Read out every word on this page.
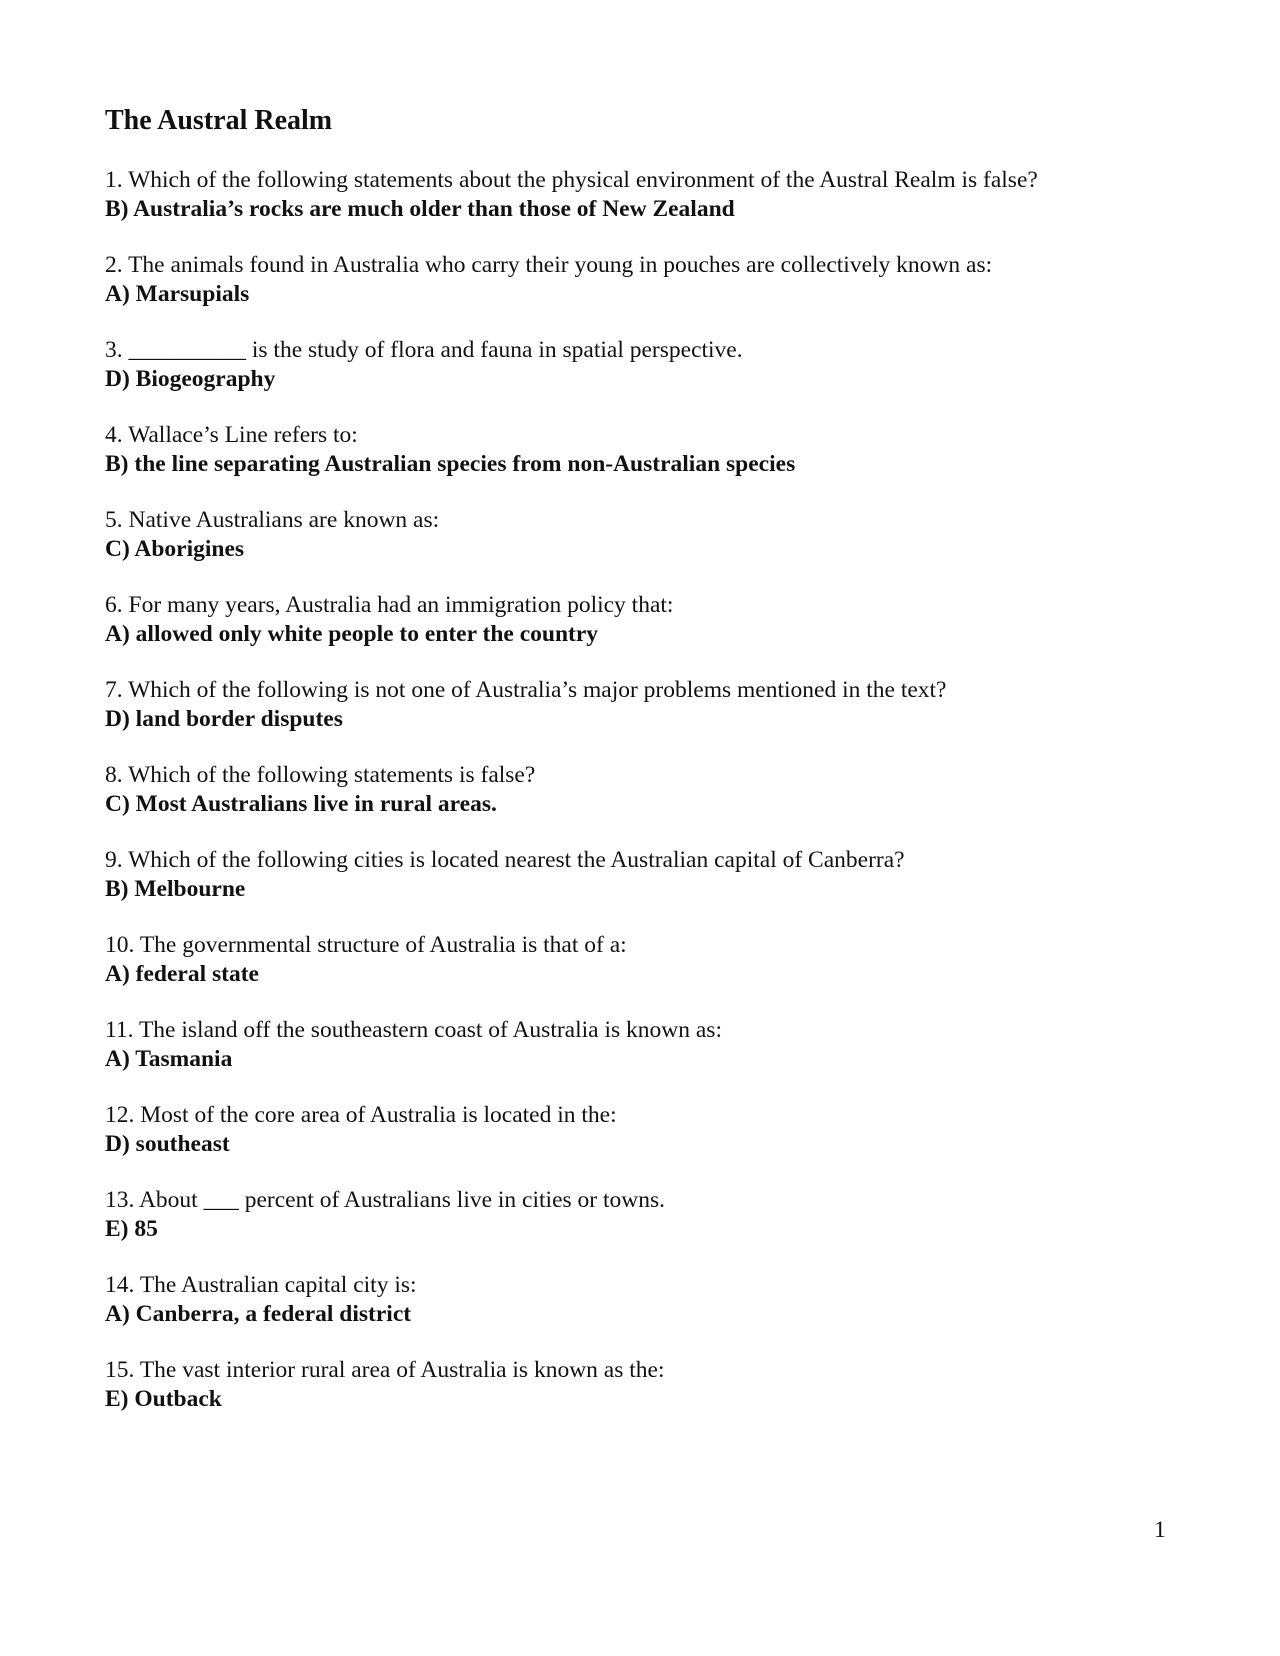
The Austral Realm
1. Which of the following statements about the physical environment of the Austral Realm is false?
B) Australia’s rocks are much older than those of New Zealand
2. The animals found in Australia who carry their young in pouches are collectively known as:
A) Marsupials
3. __________ is the study of flora and fauna in spatial perspective.
D) Biogeography
4. Wallace’s Line refers to:
B) the line separating Australian species from non-Australian species
5. Native Australians are known as:
C) Aborigines
6. For many years, Australia had an immigration policy that:
A) allowed only white people to enter the country
7. Which of the following is not one of Australia’s major problems mentioned in the text?
D) land border disputes
8. Which of the following statements is false?
C) Most Australians live in rural areas.
9. Which of the following cities is located nearest the Australian capital of Canberra?
B) Melbourne
10. The governmental structure of Australia is that of a:
A) federal state
11. The island off the southeastern coast of Australia is known as:
A) Tasmania
12. Most of the core area of Australia is located in the:
D) southeast
13. About ___ percent of Australians live in cities or towns.
E) 85
14. The Australian capital city is:
A) Canberra, a federal district
15. The vast interior rural area of Australia is known as the:
E) Outback
1
